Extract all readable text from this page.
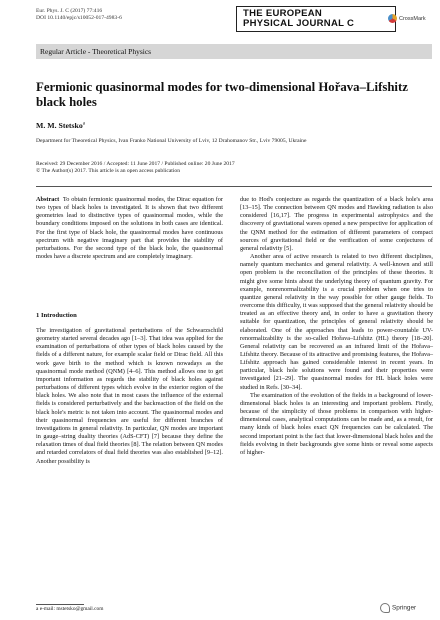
Eur. Phys. J. C (2017) 77:416
DOI 10.1140/epjc/s10052-017-4983-6	THE EUROPEAN
PHYSICAL JOURNAL C	CrossMark
Regular Article - Theoretical Physics
Fermionic quasinormal modes for two-dimensional Hořava–Lifshitz black holes
M. M. Stetsko$^a$
Department for Theoretical Physics, Ivan Franko National University of Lviv, 12 Drahomanov Str., Lviv 79005, Ukraine
Received: 29 December 2016 / Accepted: 11 June 2017 / Published online: 20 June 2017
© The Author(s) 2017. This article is an open access publication

Abstract To obtain fermionic quasinormal modes, the Dirac equation for two types of black holes is investigated. It is shown that two different geometries lead to distinctive types of quasinormal modes, while the boundary conditions imposed on the solutions in both cases are identical. For the first type of black hole, the quasinormal modes have continuous spectrum with negative imaginary part that provides the stability of perturbations. For the second type of the black hole, the quasinormal modes have a discrete spectrum and are completely imaginary.

1 Introduction

The investigation of gravitational perturbations of the Schwarzschild geometry started several decades ago [1–3]. That idea was applied for the examination of perturbations of other types of black holes caused by the fields of a different nature, for example scalar field or Dirac field. All this work gave birth to the method which is known nowadays as the quasinormal mode method (QNM) [4–6]. This method allows one to get important information as regards the stability of black holes against perturbations of different types which evolve in the exterior region of the black holes. We also note that in most cases the influence of the external fields is considered perturbatively and the backreaction of the field on the black hole's metric is not taken into account. The quasinormal modes and their quasinormal frequencies are useful for different branches of investigations in general relativity. In particular, QN modes are important in gauge–string duality theories (AdS-CFT) [7] because they define the relaxation times of dual field theories [8]. The relation between QN modes and retarded correlators of dual field theories was also established [9–12]. Another possibility is

due to Hod's conjecture as regards the quantization of a black hole's area [13–15]. The connection between QN modes and Hawking radiation is also considered [16,17]. The progress in experimental astrophysics and the discovery of gravitational waves opened a new perspective for application of the QNM method for the estimation of different parameters of compact sources of gravitational field or the verification of some conjectures of general relativity [5].

Another area of active research is related to two different disciplines, namely quantum mechanics and general relativity. A well-known and still open problem is the reconciliation of the principles of these theories. It might give some hints about the underlying theory of quantum gravity. For example, nonrenormalizability is a crucial problem when one tries to quantize general relativity in the way possible for other gauge fields. To overcome this difficulty, it was supposed that the general relativity should be treated as an effective theory and, in order to have a gravitation theory suitable for quantization, the principles of general relativity should be elaborated. One of the approaches that leads to power-countable UV-renormalizability is the so-called Hořava–Lifshitz (HL) theory [18–20]. General relativity can be recovered as an infrared limit of the Hořava–Lifshitz theory. Because of its attractive and promising features, the Hořava–Lifshitz approach has gained considerable interest in recent years. In particular, black hole solutions were found and their properties were investigated [21–29]. The quasinormal modes for HL black holes were studied in Refs. [30–34].

The examination of the evolution of the fields in a background of lower-dimensional black holes is an interesting and important problem. Firstly, because of the simplicity of those problems in comparison with higher-dimensional cases, analytical computations can be made and, as a result, for many kinds of black holes exact QN frequencies can be calculated. The second important point is the fact that lower-dimensional black holes and the fields evolving in their backgrounds give some hints or reveal some aspects of higher-

a e-mail: mstetsko@gmail.com	Springer
